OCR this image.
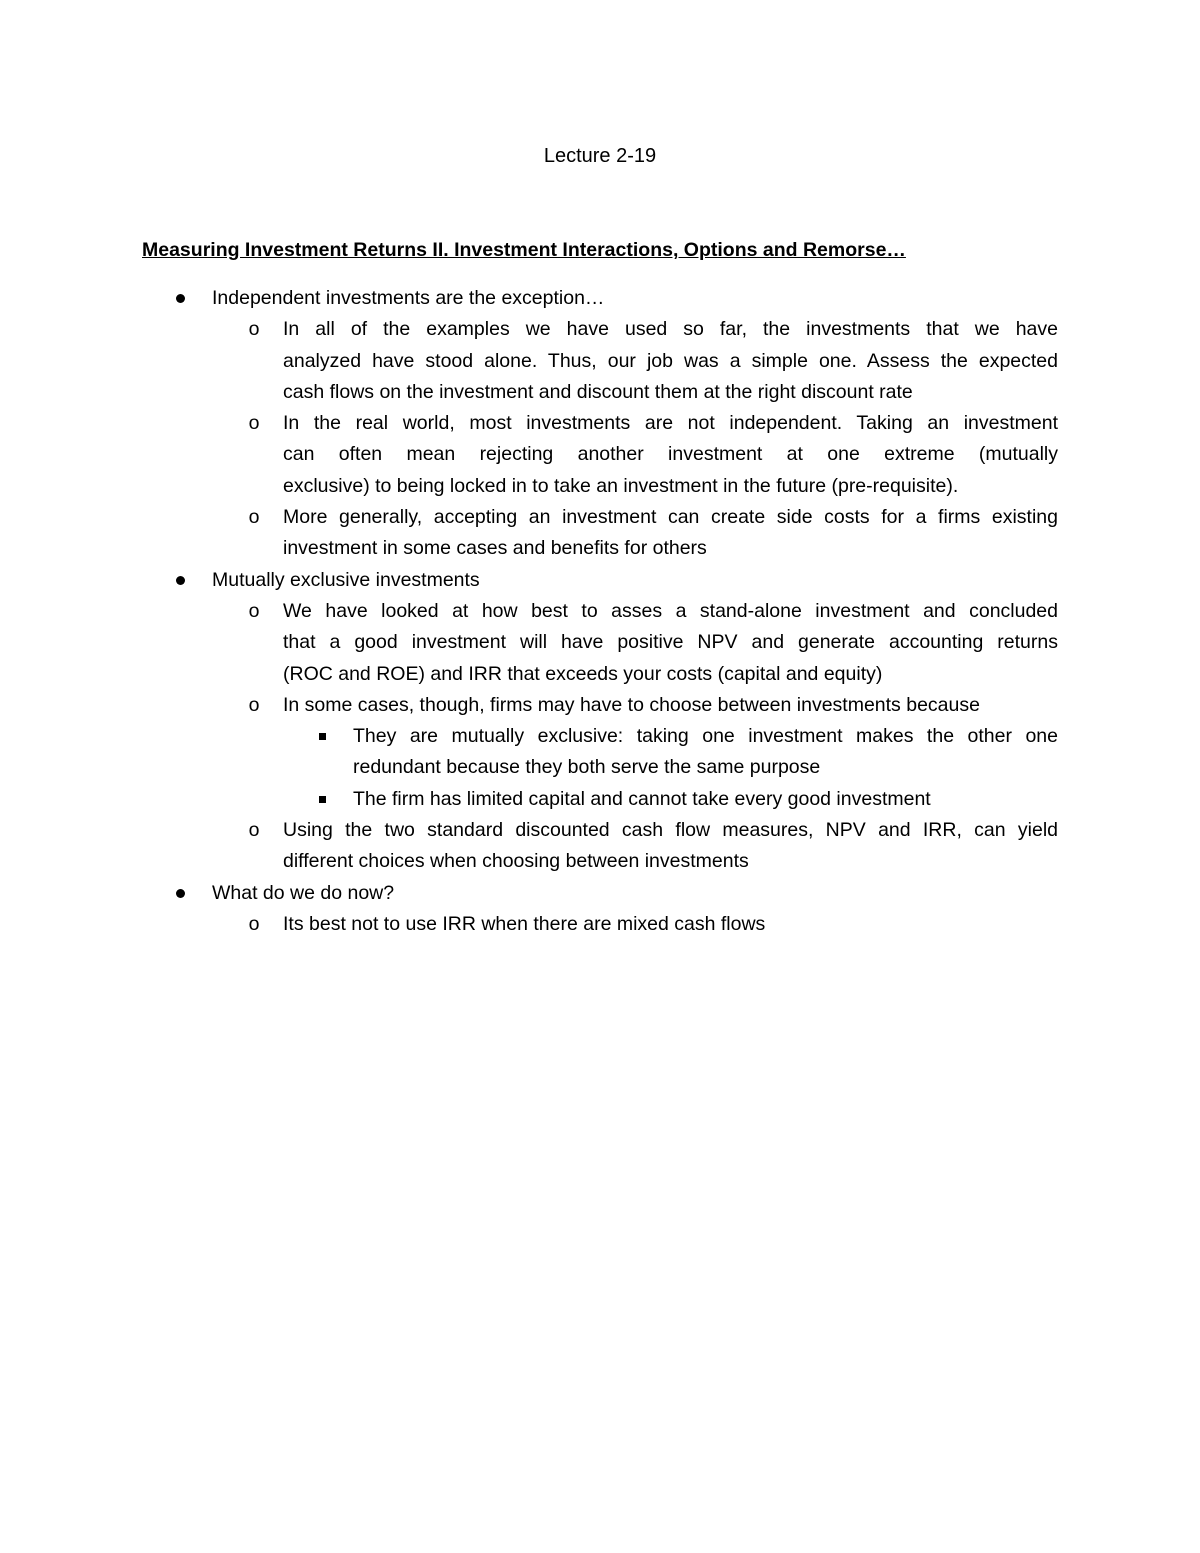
Lecture 2-19
Measuring Investment Returns II. Investment Interactions, Options and Remorse…
Independent investments are the exception…
o In all of the examples we have used so far, the investments that we have
analyzed have stood alone. Thus, our job was a simple one. Assess the expected
cash flows on the investment and discount them at the right discount rate
o In the real world, most investments are not independent. Taking an investment
can often mean rejecting another investment at one extreme (mutually
exclusive) to being locked in to take an investment in the future (pre-requisite).
o More generally, accepting an investment can create side costs for a firms existing
investment in some cases and benefits for others
Mutually exclusive investments
o We have looked at how best to asses a stand-alone investment and concluded
that a good investment will have positive NPV and generate accounting returns
(ROC and ROE) and IRR that exceeds your costs (capital and equity)
o In some cases, though, firms may have to choose between investments because
They are mutually exclusive: taking one investment makes the other one
redundant because they both serve the same purpose
The firm has limited capital and cannot take every good investment
o Using the two standard discounted cash flow measures, NPV and IRR, can yield
different choices when choosing between investments
What do we do now?
o Its best not to use IRR when there are mixed cash flows
